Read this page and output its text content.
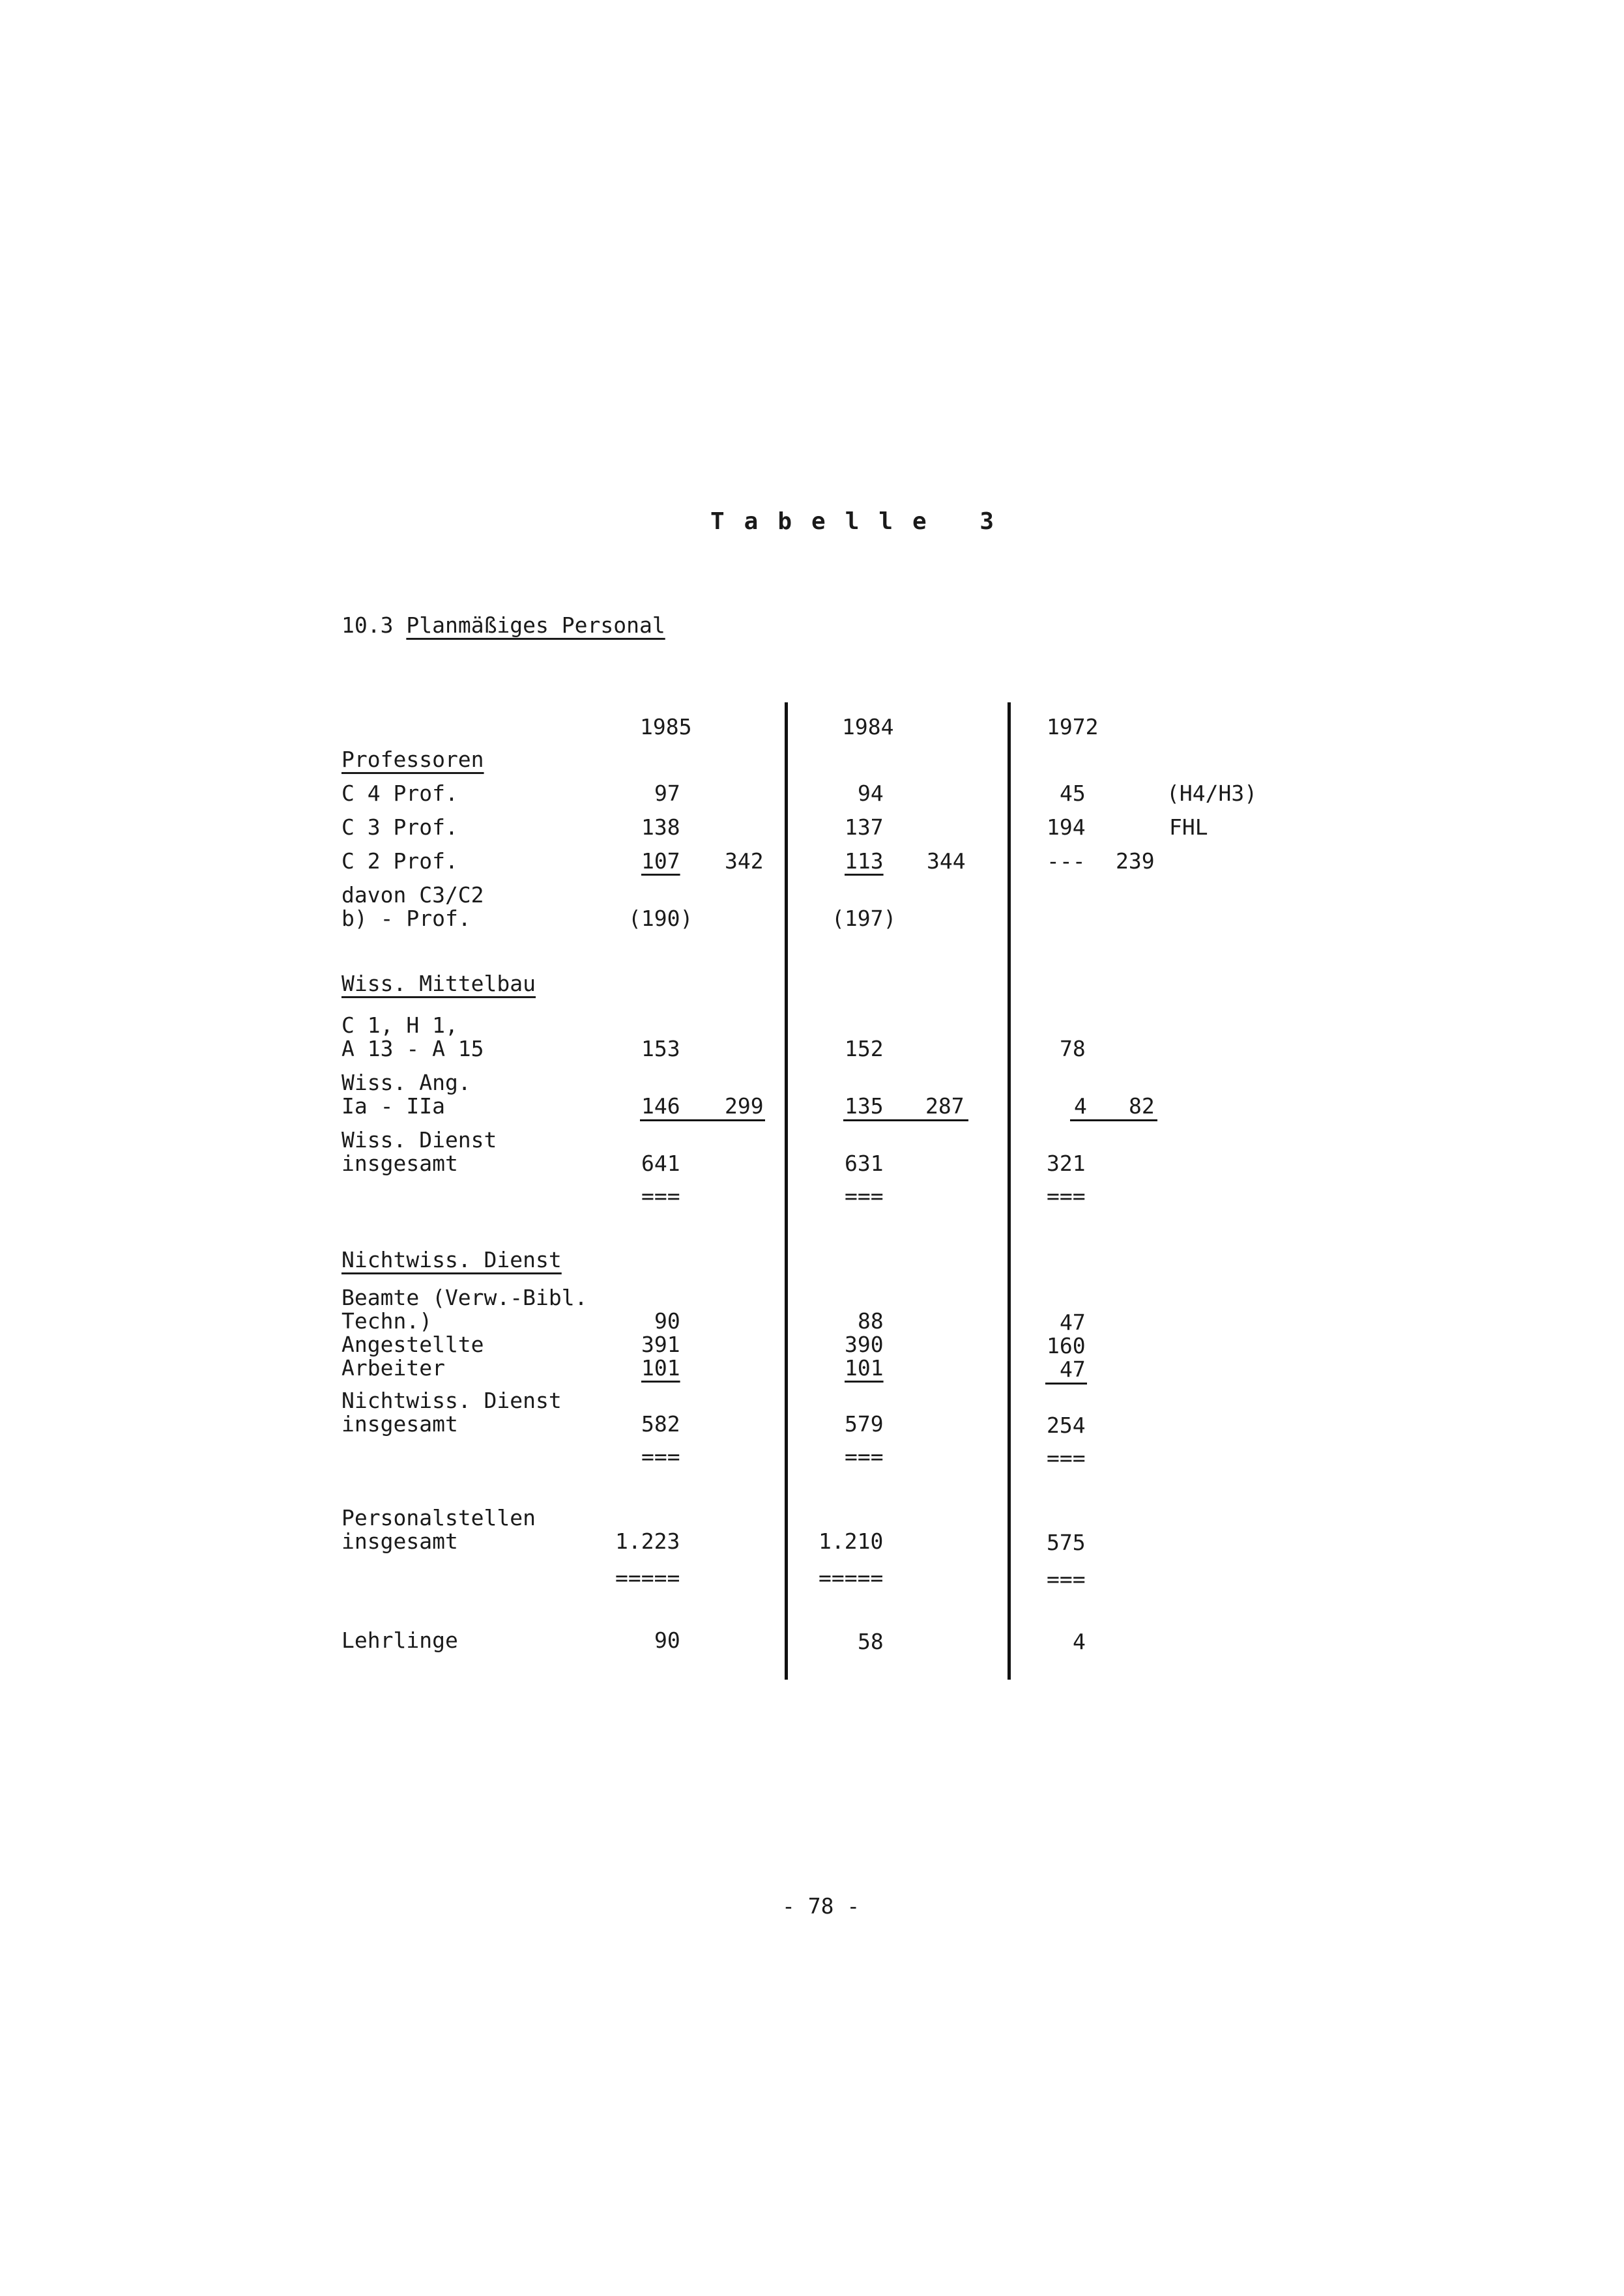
Tabelle 3
10.3 Planmäßiges Personal
1985	1984	1972
Professoren
C 4 Prof.	97	94	45	(H4/H3)
C 3 Prof.	138	137	194	FHL
C 2 Prof.	107 342	113 344	--- 239
davon C3/C2
b) - Prof.	(190)	(197)
Wiss. Mittelbau
C 1, H 1,
A 13 - A 15	153	152	78
Wiss. Ang.
Ia - IIa	146 299	135 287	4 82
Wiss. Dienst
insgesamt	641	631	321
===	===	===
Nichtwiss. Dienst
Beamte (Verw.-Bibl.
Techn.)	90	88	47
Angestellte	391	390	160
Arbeiter	101	101	47
Nichtwiss. Dienst
insgesamt	582	579	254
===	===	===
Personalstellen
insgesamt	1.223	1.210	575
=====	=====	===
Lehrlinge	90	58	4
- 78 -
